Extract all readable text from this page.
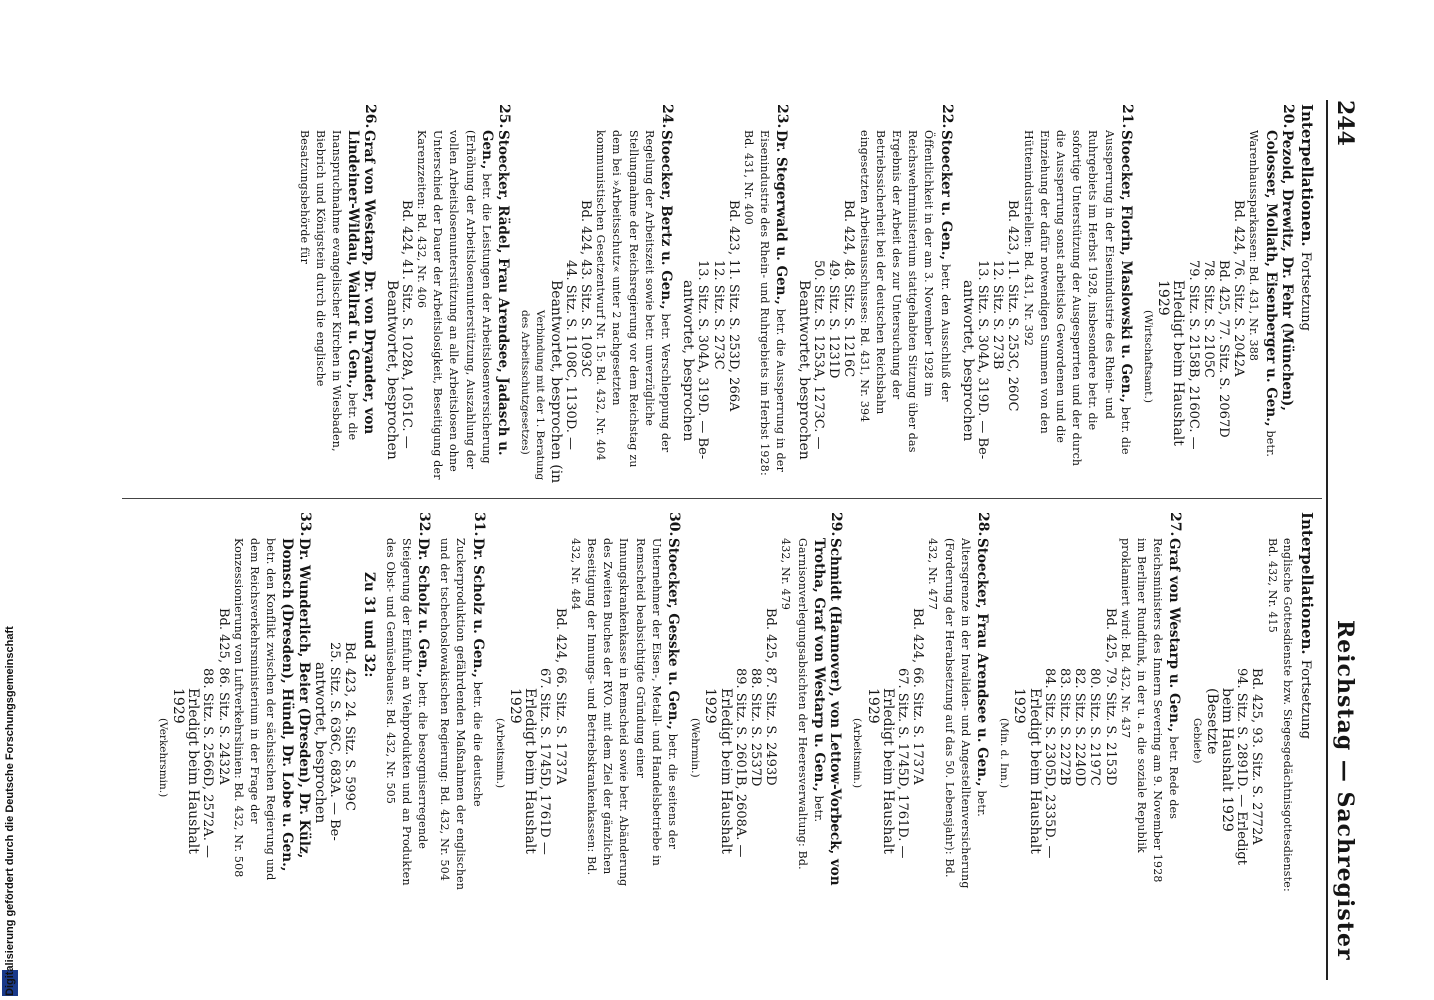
Digitalisierung gefördert durch die Deutsche Forschungsgemeinschaft
244
Reichstag — Sachregister
Interpellationen. Fortsetzung
20.
Pezold, Drewitz, Dr. Fehr (München), Colosser, Mollath, Eisenberger u. Gen., betr. Warenhaussparkassen: Bd. 431, Nr. 388
Bd. 424, 76. Sitz. S. 2042A
Bd. 425, 77. Sitz. S. 2067D
78. Sitz. S. 2105C
79. Sitz. S. 2158B, 2160C. —
Erledigt beim Haushalt 1929
(Wirtschaftsamt.)
21.
Stoecker, Florin, Maslowski u. Gen., betr. die Aussperrung in der Eisenindustrie des Rhein- und Ruhrgebiets im Herbst 1928, insbesondere betr. die sofortige Unterstützung der Ausgesperrten und der durch die Aussperrung sonst arbeitslos Gewordenen und die Einziehung der dafür notwendigen Summen von den Hüttenindustriellen: Bd. 431, Nr. 392
Bd. 423, 11. Sitz. S. 253C, 260C
12. Sitz. S. 273B
13. Sitz. S. 304A, 319D. — Be-
antwortet, besprochen
22.
Stoecker u. Gen., betr. den Ausschluß der Öffentlichkeit in der am 3. November 1928 im Reichswehrministerium stattgehabten Sitzung über das Ergebnis der Arbeit des zur Untersuchung der Betriebssicherheit bei der deutschen Reichsbahn eingesetzten Arbeitsausschusses: Bd. 431, Nr. 394
Bd. 424, 48. Sitz. S. 1216C
49. Sitz. S. 1231D
50. Sitz. S. 1253A, 1273C. —
Beantwortet, besprochen
23.
Dr. Stegerwald u. Gen., betr. die Aussperrung in der Eisenindustrie des Rhein- und Ruhrgebiets im Herbst 1928: Bd. 431, Nr. 400
Bd. 423, 11. Sitz. S. 253D, 266A
12. Sitz. S. 273C
13. Sitz. S. 304A, 319D. — Be-
antwortet, besprochen
24.
Stoecker, Bertz u. Gen., betr. Verschleppung der Regelung der Arbeitszeit sowie betr. unverzügliche Stellungnahme der Reichsregierung vor dem Reichstag zu dem bei »Arbeitsschutz« unter 2 nachgesetzten kommunistischen Gesetzentwurf Nr. 15: Bd. 432, Nr. 404
Bd. 424, 43. Sitz. S. 1093C
44. Sitz. S. 1108C, 1130D. —
Beantwortet, besprochen (in
Verbindung mit der 1. Beratung des Arbeitsschutzgesetzes)
25.
Stoecker, Rädel, Frau Arendsee, Jadasch u. Gen., betr. die Leistungen der Arbeitslosenversicherung (Erhöhung der Arbeitslosenunterstützung, Auszahlung der vollen Arbeitslosenunterstützung an alle Arbeitslosen ohne Unterschied der Dauer der Arbeitslosigkeit, Beseitigung der Karenzzeiten: Bd. 432, Nr. 406
Bd. 424, 41. Sitz. S. 1028A, 1051C. —
Beantwortet, besprochen
26.
Graf von Westarp, Dr. von Dryander, von Lindeiner-Wildau, Wallraf u. Gen., betr. die Inanspruchnahme evangelischer Kirchen in Wiesbaden, Biebrich und Königstein durch die englische Besatzungsbehörde für
Interpellationen. Fortsetzung
englische Gottesdienste bzw. Siegesgedächtnisgottesdienste: Bd. 432, Nr. 415
Bd. 425, 93. Sitz. S. 2772A
94. Sitz. S. 2891D. — Erledigt
beim Haushalt 1929 (Besetzte
Gebiete)
27.
Graf von Westarp u. Gen., betr. Rede des Reichsministers des Innern Severing am 9. November 1928 im Berliner Rundfunk, in der u. a. die soziale Republik proklamiert wird: Bd. 432, Nr. 437
Bd. 425, 79. Sitz. S. 2153D
80. Sitz. S. 2197C
82. Sitz. S. 2240D
83. Sitz. S. 2272B
84. Sitz. S. 2305D, 2335D. —
Erledigt beim Haushalt 1929
(Min. d. Inn.)
28.
Stoecker, Frau Arendsee u. Gen., betr. Altersgrenze in der Invaliden- und Angestelltenversicherung (Forderung der Herabsetzung auf das 50. Lebensjahr): Bd. 432, Nr. 477
Bd. 424, 66. Sitz. S. 1737A
67. Sitz. S. 1745D, 1761D. —
Erledigt beim Haushalt 1929
(Arbeitsmin.)
29.
Schmidt (Hannover), von Lettow-Vorbeck, von Trotha, Graf von Westarp u. Gen., betr. Garnisonverlegungsabsichten der Heeresverwaltung: Bd. 432, Nr. 479
Bd. 425, 87. Sitz. S. 2493D
88. Sitz. S. 2537D
89. Sitz. S. 2601B, 2608A. —
Erledigt beim Haushalt 1929
(Wehrmin.)
30.
Stoecker, Gesske u. Gen., betr. die seitens der Unternehmer der Eisen-, Metall- und Handelsbetriebe in Remscheid beabsichtigte Gründung einer Innungskrankenkasse in Remscheid sowie betr. Abänderung des Zweiten Buches der RVO. mit dem Ziel der gänzlichen Beseitigung der Innungs- und Betriebskrankenkassen: Bd. 432, Nr. 484
Bd. 424, 66. Sitz. S. 1737A
67. Sitz. S. 1745D, 1761D —
Erledigt beim Haushalt 1929
(Arbeitsmin.)
31.
Dr. Scholz u. Gen., betr. die die deutsche Zuckerproduktion gefährdenden Maßnahmen der englischen und der tschechoslowakischen Regierung: Bd. 432, Nr. 504
32.
Dr. Scholz u. Gen., betr. die besorgniserregende Steigerung der Einfuhr an Viehprodukten und an Produkten des Obst- und Gemüsebaues: Bd. 432, Nr. 505
Zu 31 und 32:
Bd. 423, 24. Sitz. S. 599C
25. Sitz. S. 636C, 683A. — Be-
antwortet, besprochen
33.
Dr. Wunderlich, Beier (Dresden), Dr. Külz, Domsch (Dresden), Hündl, Dr. Lobe u. Gen., betr. den Konflikt zwischen der sächsischen Regierung und dem Reichsverkehrsministerium in der Frage der Konzessionierung von Luftverkehrslinien: Bd. 432, Nr. 508
Bd. 425, 86. Sitz. S. 2432A
88. Sitz. S. 2566D, 2572A. —
Erledigt beim Haushalt 1929
(Verkehrsmin.)
